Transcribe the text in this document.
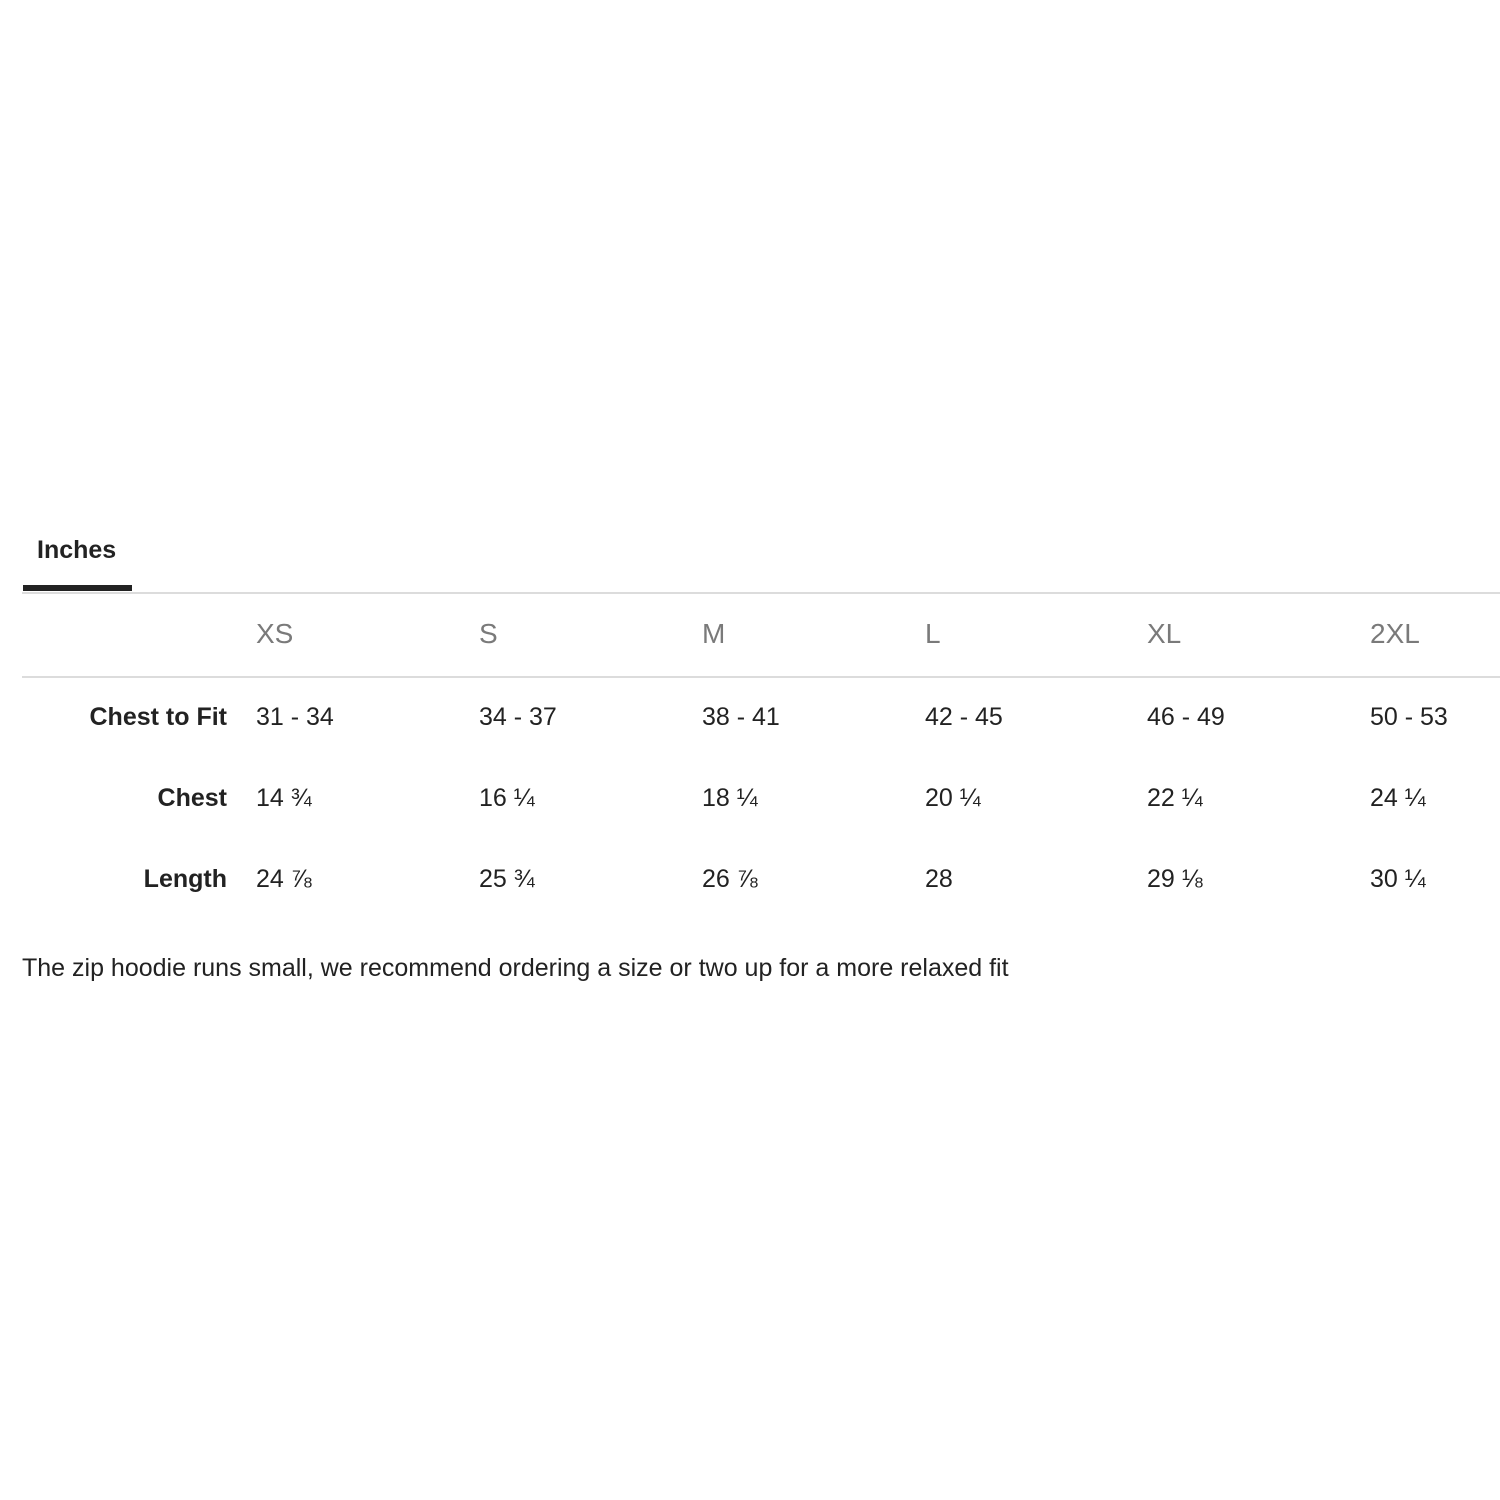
Inches
XS	S	M	L	XL	2XL
Chest to Fit 31 - 34	34 - 37	38 - 41	42 - 45	46 - 49	50 - 53
Chest 14 ¾	16 ¼	18 ¼	20 ¼	22 ¼	24 ¼
Length 24 ⅞	25 ¾	26 ⅞	28	29 ⅛	30 ¼

The zip hoodie runs small, we recommend ordering a size or two up for a more relaxed fit
